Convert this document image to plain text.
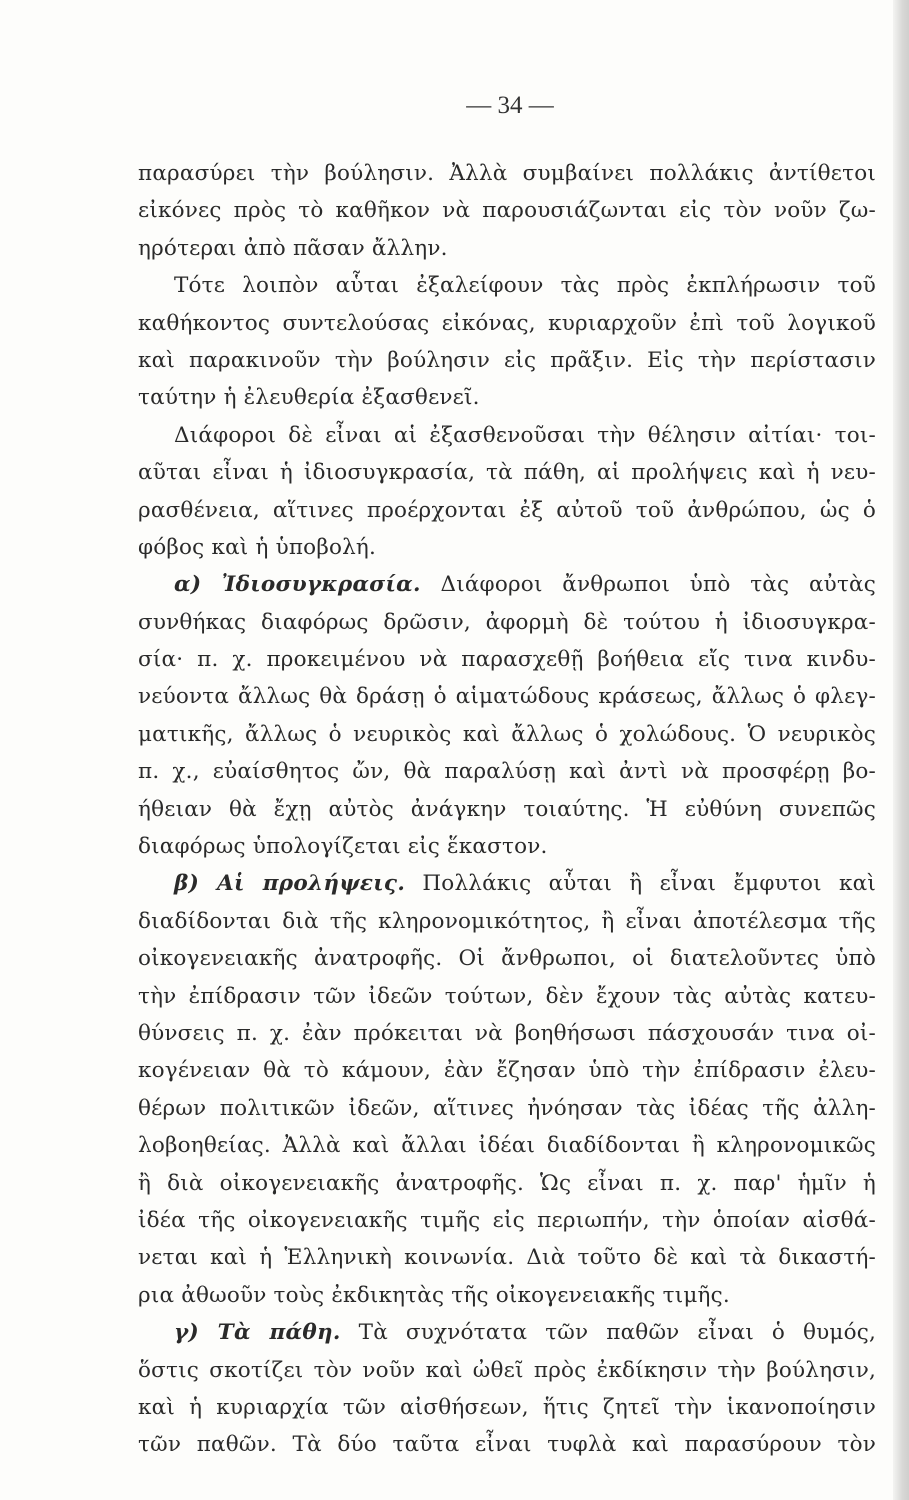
— 34 —
παρασύρει τὴν βούλησιν. Ἀλλὰ συμβαίνει πολλάκις ἀντίθετοι
εἰκόνες πρὸς τὸ καθῆκον νὰ παρουσιάζωνται εἰς τὸν νοῦν ζω-
ηρότεραι ἀπὸ πᾶσαν ἄλλην.
Τότε λοιπὸν αὗται ἐξαλείφουν τὰς πρὸς ἐκπλήρωσιν τοῦ
καθήκοντος συντελούσας εἰκόνας, κυριαρχοῦν ἐπὶ τοῦ λογικοῦ
καὶ παρακινοῦν τὴν βούλησιν εἰς πρᾶξιν. Εἰς τὴν περίστασιν
ταύτην ἡ ἐλευθερία ἐξασθενεῖ.
Διάφοροι δὲ εἶναι αἱ ἐξασθενοῦσαι τὴν θέλησιν αἰτίαι· τοι-
αῦται εἶναι ἡ ἰδιοσυγκρασία, τὰ πάθη, αἱ προλήψεις καὶ ἡ νευ-
ρασθένεια, αἵτινες προέρχονται ἐξ αὐτοῦ τοῦ ἀνθρώπου, ὡς ὁ
φόβος καὶ ἡ ὑποβολή.
α) Ἰδιοσυγκρασία. Διάφοροι ἄνθρωποι ὑπὸ τὰς αὐτὰς
συνθήκας διαφόρως δρῶσιν, ἀφορμὴ δὲ τούτου ἡ ἰδιοσυγκρα-
σία· π. χ. προκειμένου νὰ παρασχεθῇ βοήθεια εἴς τινα κινδυ-
νεύοντα ἄλλως θὰ δράσῃ ὁ αἱματώδους κράσεως, ἄλλως ὁ φλεγ-
ματικῆς, ἄλλως ὁ νευρικὸς καὶ ἄλλως ὁ χολώδους. Ὁ νευρικὸς
π. χ., εὐαίσθητος ὤν, θὰ παραλύσῃ καὶ ἀντὶ νὰ προσφέρῃ βο-
ήθειαν θὰ ἔχῃ αὐτὸς ἀνάγκην τοιαύτης. Ἡ εὐθύνη συνεπῶς
διαφόρως ὑπολογίζεται εἰς ἕκαστον.
β) Αἱ προλήψεις. Πολλάκις αὗται ἢ εἶναι ἔμφυτοι καὶ
διαδίδονται διὰ τῆς κληρονομικότητος, ἢ εἶναι ἀποτέλεσμα τῆς
οἰκογενειακῆς ἀνατροφῆς. Οἱ ἄνθρωποι, οἱ διατελοῦντες ὑπὸ
τὴν ἐπίδρασιν τῶν ἰδεῶν τούτων, δὲν ἔχουν τὰς αὐτὰς κατευ-
θύνσεις π. χ. ἐὰν πρόκειται νὰ βοηθήσωσι πάσχουσάν τινα οἰ-
κογένειαν θὰ τὸ κάμουν, ἐὰν ἔζησαν ὑπὸ τὴν ἐπίδρασιν ἐλευ-
θέρων πολιτικῶν ἰδεῶν, αἵτινες ἠνόησαν τὰς ἰδέας τῆς ἀλλη-
λοβοηθείας. Ἀλλὰ καὶ ἄλλαι ἰδέαι διαδίδονται ἢ κληρονομικῶς
ἢ διὰ οἰκογενειακῆς ἀνατροφῆς. Ὡς εἶναι π. χ. παρ' ἡμῖν ἡ
ἰδέα τῆς οἰκογενειακῆς τιμῆς εἰς περιωπήν, τὴν ὁποίαν αἰσθά-
νεται καὶ ἡ Ἑλληνικὴ κοινωνία. Διὰ τοῦτο δὲ καὶ τὰ δικαστή-
ρια ἀθωοῦν τοὺς ἐκδικητὰς τῆς οἰκογενειακῆς τιμῆς.
γ) Τὰ πάθη. Τὰ συχνότατα τῶν παθῶν εἶναι ὁ θυμός,
ὅστις σκοτίζει τὸν νοῦν καὶ ὠθεῖ πρὸς ἐκδίκησιν τὴν βούλησιν,
καὶ ἡ κυριαρχία τῶν αἰσθήσεων, ἥτις ζητεῖ τὴν ἱκανοποίησιν
τῶν παθῶν. Τὰ δύο ταῦτα εἶναι τυφλὰ καὶ παρασύρουν τὸν
